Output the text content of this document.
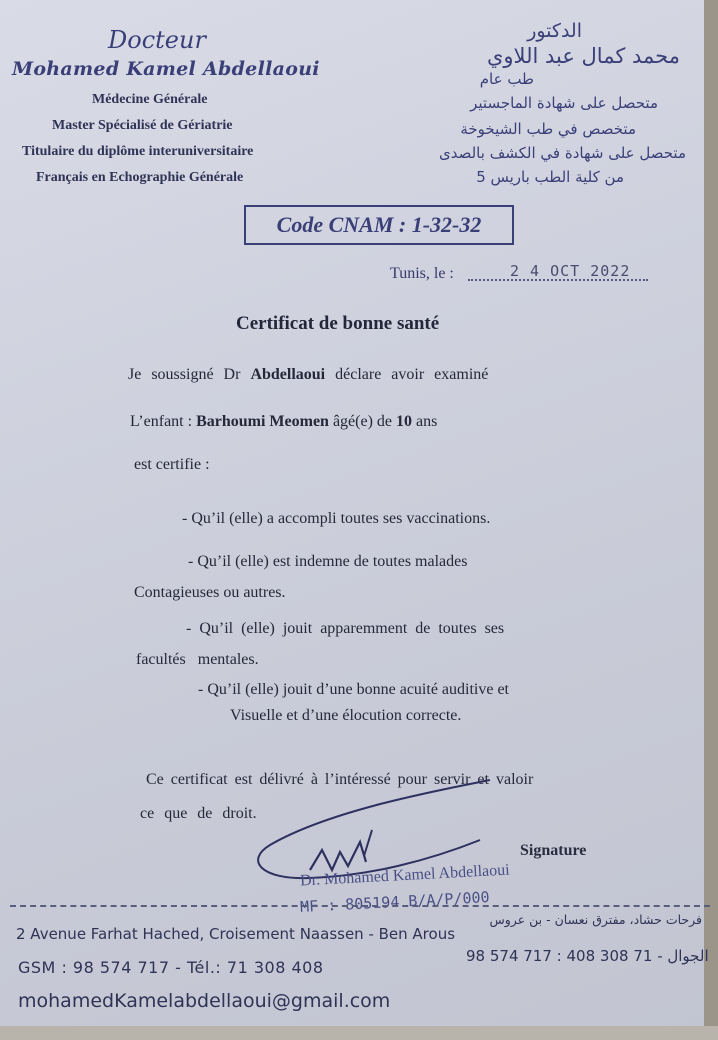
Docteur
Mohamed Kamel Abdellaoui
Médecine Générale
Master Spécialisé de Gériatrie
Titulaire du diplôme interuniversitaire
Français en Echographie Générale
الدكتور
محمد كمال عبد اللاوي
طب عام
متحصل على شهادة الماجستير
متخصص في طب الشيخوخة
متحصل على شهادة في الكشف بالصدى
من كلية الطب باريس 5
Code CNAM : 1-32-32
Tunis, le :	2 4 OCT 2022
Certificat de bonne santé
Je soussigné Dr Abdellaoui déclare avoir examiné
L’enfant : Barhoumi Meomen âgé(e) de 10 ans
est certifie :
- Qu’il (elle) a accompli toutes ses vaccinations.
- Qu’il (elle) est indemne de toutes malades
Contagieuses ou autres.
- Qu’il (elle) jouit apparemment de toutes ses
facultés mentales.
- Qu’il (elle) jouit d’une bonne acuité auditive et
Visuelle et d’une élocution correcte.
Ce certificat est délivré à l’intéressé pour servir et valoir
ce que de droit.
Signature
Dr. Mohamed Kamel Abdellaoui
MF : 805194 B/A/P/000
2 Avenue Farhat Hached, Croisement Naassen - Ben Arous
فرحات حشاد، مفترق نعسان - بن عروس
GSM : 98 574 717 - Tél.: 71 308 408
98 574 717 : الجوال - 71 308 408
mohamedKamelabdellaoui@gmail.com
